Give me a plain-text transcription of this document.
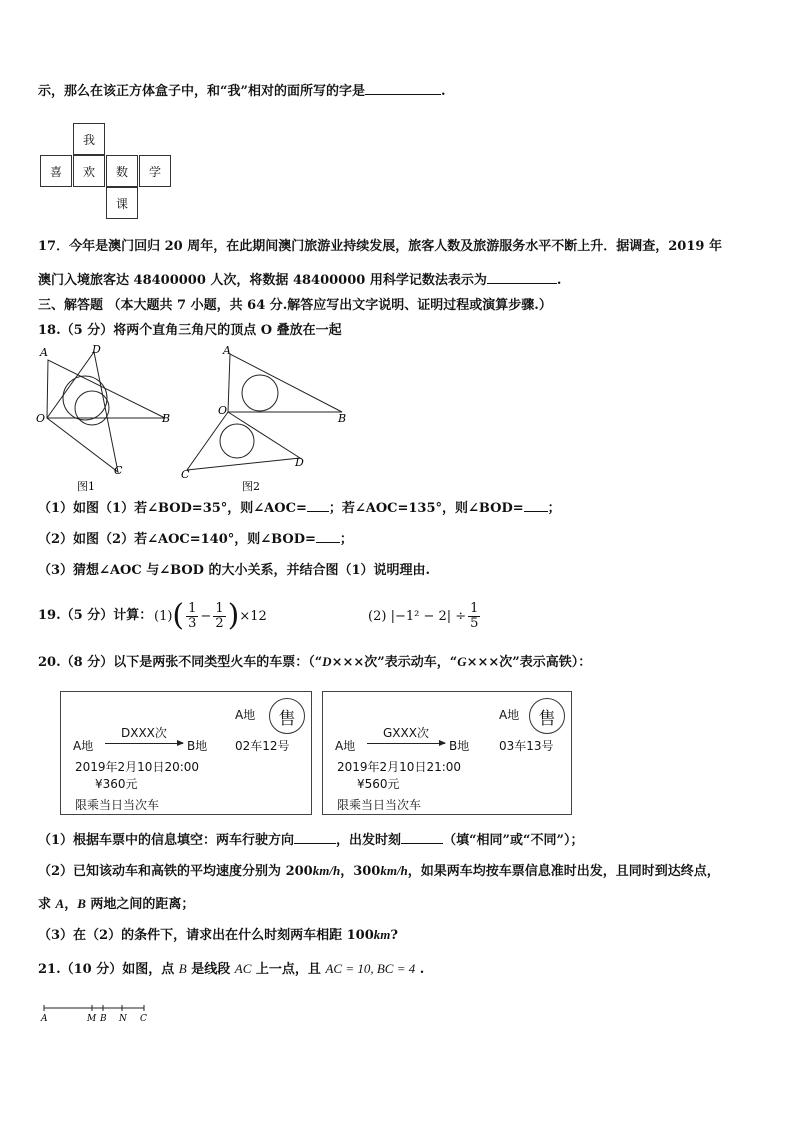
示，那么在该正方体盒子中，和“我”相对的面所写的字是	.
我
喜	欢	数	学
课
17．今年是澳门回归 20 周年，在此期间澳门旅游业持续发展，旅客人数及旅游服务水平不断上升．据调查，2019 年
澳门入境旅客达 48400000 人次，将数据 48400000 用科学记数法表示为	.
三、解答题 （本大题共 7 小题，共 64 分.解答应写出文字说明、证明过程或演算步骤.）
18.（5 分）将两个直角三角尺的顶点 O 叠放在一起
A	D
O	B
C
图1
A
O
B
C
D
图2
（1）如图（1）若∠BOD=35°，则∠AOC= ；若∠AOC=135°，则∠BOD= ；
（2）如图（2）若∠AOC=140°，则∠BOD= ；
（3）猜想∠AOC 与∠BOD 的大小关系，并结合图（1）说明理由.
19.（5 分）计算： (1) ( $\frac{1}{3} - \frac{1}{2}$ ) ×12	(2)
$|-1^2 - 2| \div \frac{1}{5}$
20.（8 分）以下是两张不同类型火车的车票：（“D×××次”表示动车，“G×××次”表示高铁）：
A地	售
DXXX次
A地	B地 02车12号
2019年2月10日20:00
¥360元
限乘当日当次车
A地	售
GXXX次
A地	B地 03车13号
2019年2月10日21:00
¥560元
限乘当日当次车
（1）根据车票中的信息填空：两车行驶方向	，出发时刻	（填“相同”或“不同”）；
（2）已知该动车和高铁的平均速度分别为 200km/h，300km/h，如果两车均按车票信息准时出发，且同时到达终点，
求 A，B 两地之间的距离；
（3）在（2）的条件下，请求出在什么时刻两车相距 100km?
21.（10 分）如图，点 B 是线段 AC 上一点，且 AC = 10, BC = 4 .
A	M B N C
